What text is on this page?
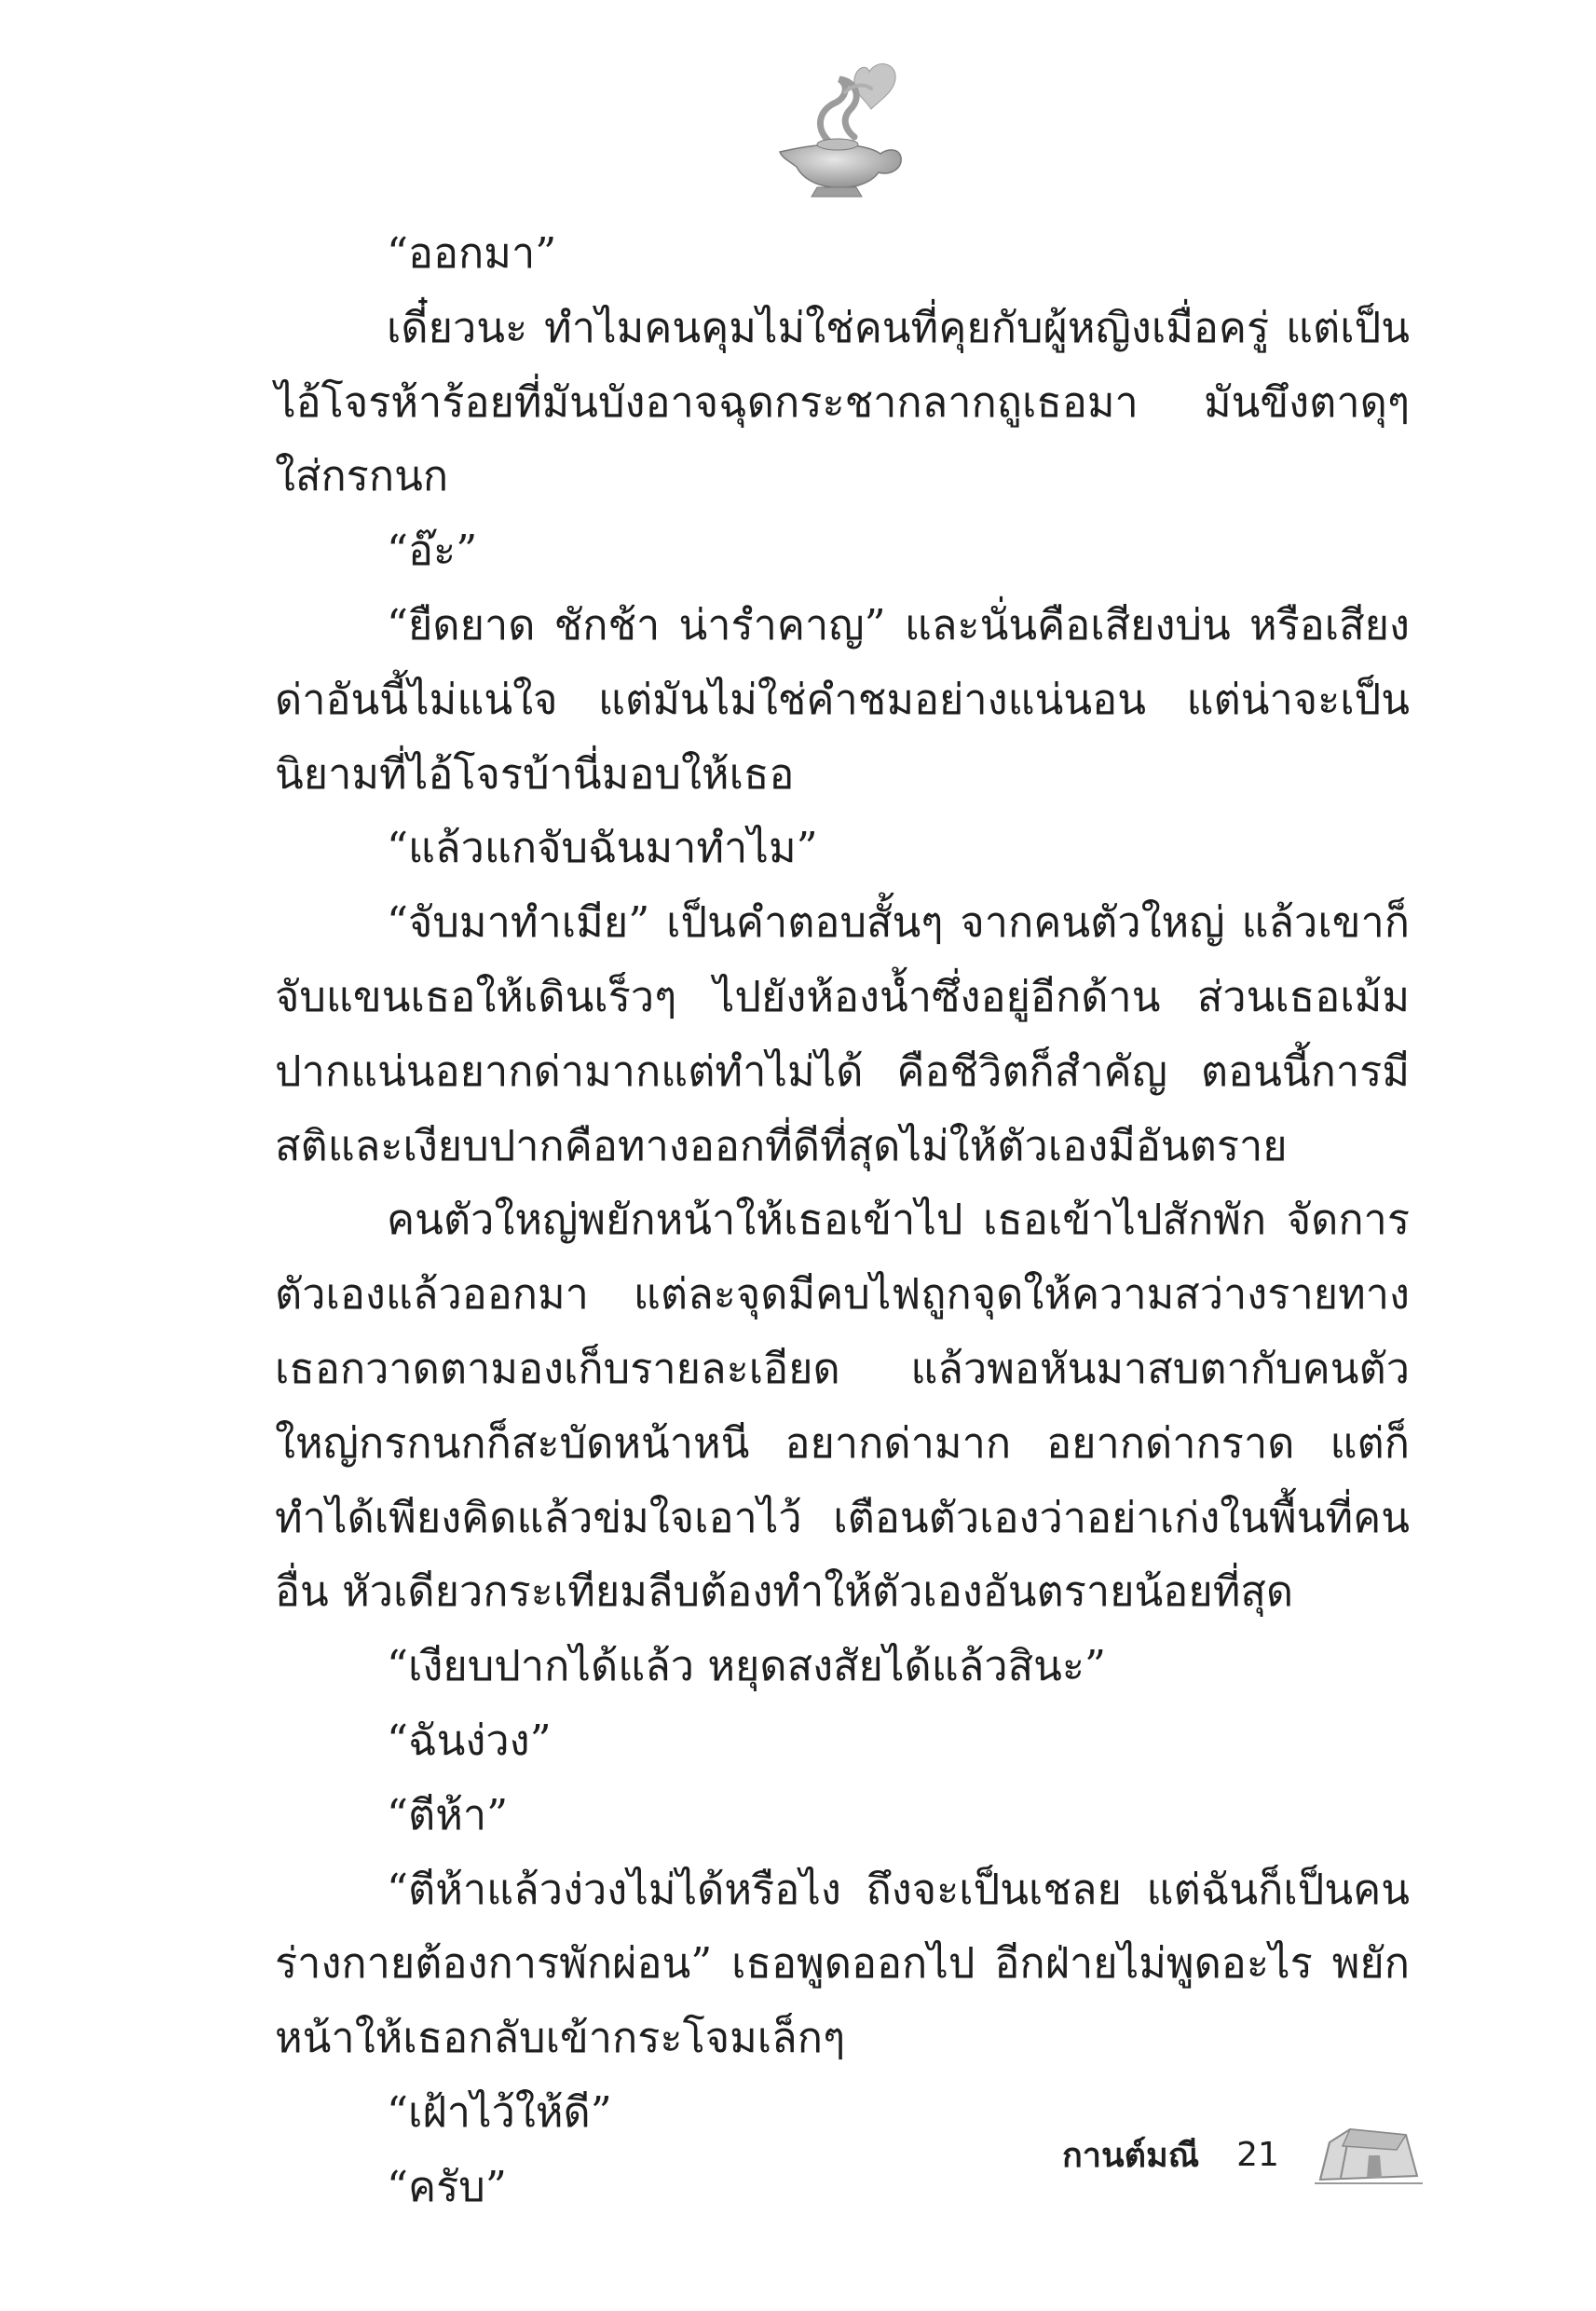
“ออกมา”

เดี๋ยวนะ ทำไมคนคุมไม่ใช่คนที่คุยกับผู้หญิงเมื่อครู่ แต่เป็นไอ้โจรห้าร้อยที่มันบังอาจฉุดกระชากลากถูเธอมา มันขึงตาดุๆ ใส่กรกนก

“อ๊ะ”

“ยืดยาด ชักช้า น่ารำคาญ” และนั่นคือเสียงบ่น หรือเสียงด่าอันนี้ไม่แน่ใจ แต่มันไม่ใช่คำชมอย่างแน่นอน แต่น่าจะเป็นนิยามที่ไอ้โจรบ้านี่มอบให้เธอ

“แล้วแกจับฉันมาทำไม”

“จับมาทำเมีย” เป็นคำตอบสั้นๆ จากคนตัวใหญ่ แล้วเขาก็จับแขนเธอให้เดินเร็วๆ ไปยังห้องน้ำซึ่งอยู่อีกด้าน ส่วนเธอเม้มปากแน่นอยากด่ามากแต่ทำไม่ได้ คือชีวิตก็สำคัญ ตอนนี้การมีสติและเงียบปากคือทางออกที่ดีที่สุดไม่ให้ตัวเองมีอันตราย

คนตัวใหญ่พยักหน้าให้เธอเข้าไป เธอเข้าไปสักพัก จัดการตัวเองแล้วออกมา แต่ละจุดมีคบไฟถูกจุดให้ความสว่างรายทาง เธอกวาดตามองเก็บรายละเอียด แล้วพอหันมาสบตากับคนตัวใหญ่กรกนกก็สะบัดหน้าหนี อยากด่ามาก อยากด่ากราด แต่ก็ทำได้เพียงคิดแล้วข่มใจเอาไว้ เตือนตัวเองว่าอย่าเก่งในพื้นที่คนอื่น หัวเดียวกระเทียมลีบต้องทำให้ตัวเองอันตรายน้อยที่สุด

“เงียบปากได้แล้ว หยุดสงสัยได้แล้วสินะ”

“ฉันง่วง”

“ตีห้า”

“ตีห้าแล้วง่วงไม่ได้หรือไง ถึงจะเป็นเชลย แต่ฉันก็เป็นคนร่างกายต้องการพักผ่อน” เธอพูดออกไป อีกฝ่ายไม่พูดอะไร พยักหน้าให้เธอกลับเข้ากระโจมเล็กๆ

“เฝ้าไว้ให้ดี”

“ครับ”

กานต์มณี 21
